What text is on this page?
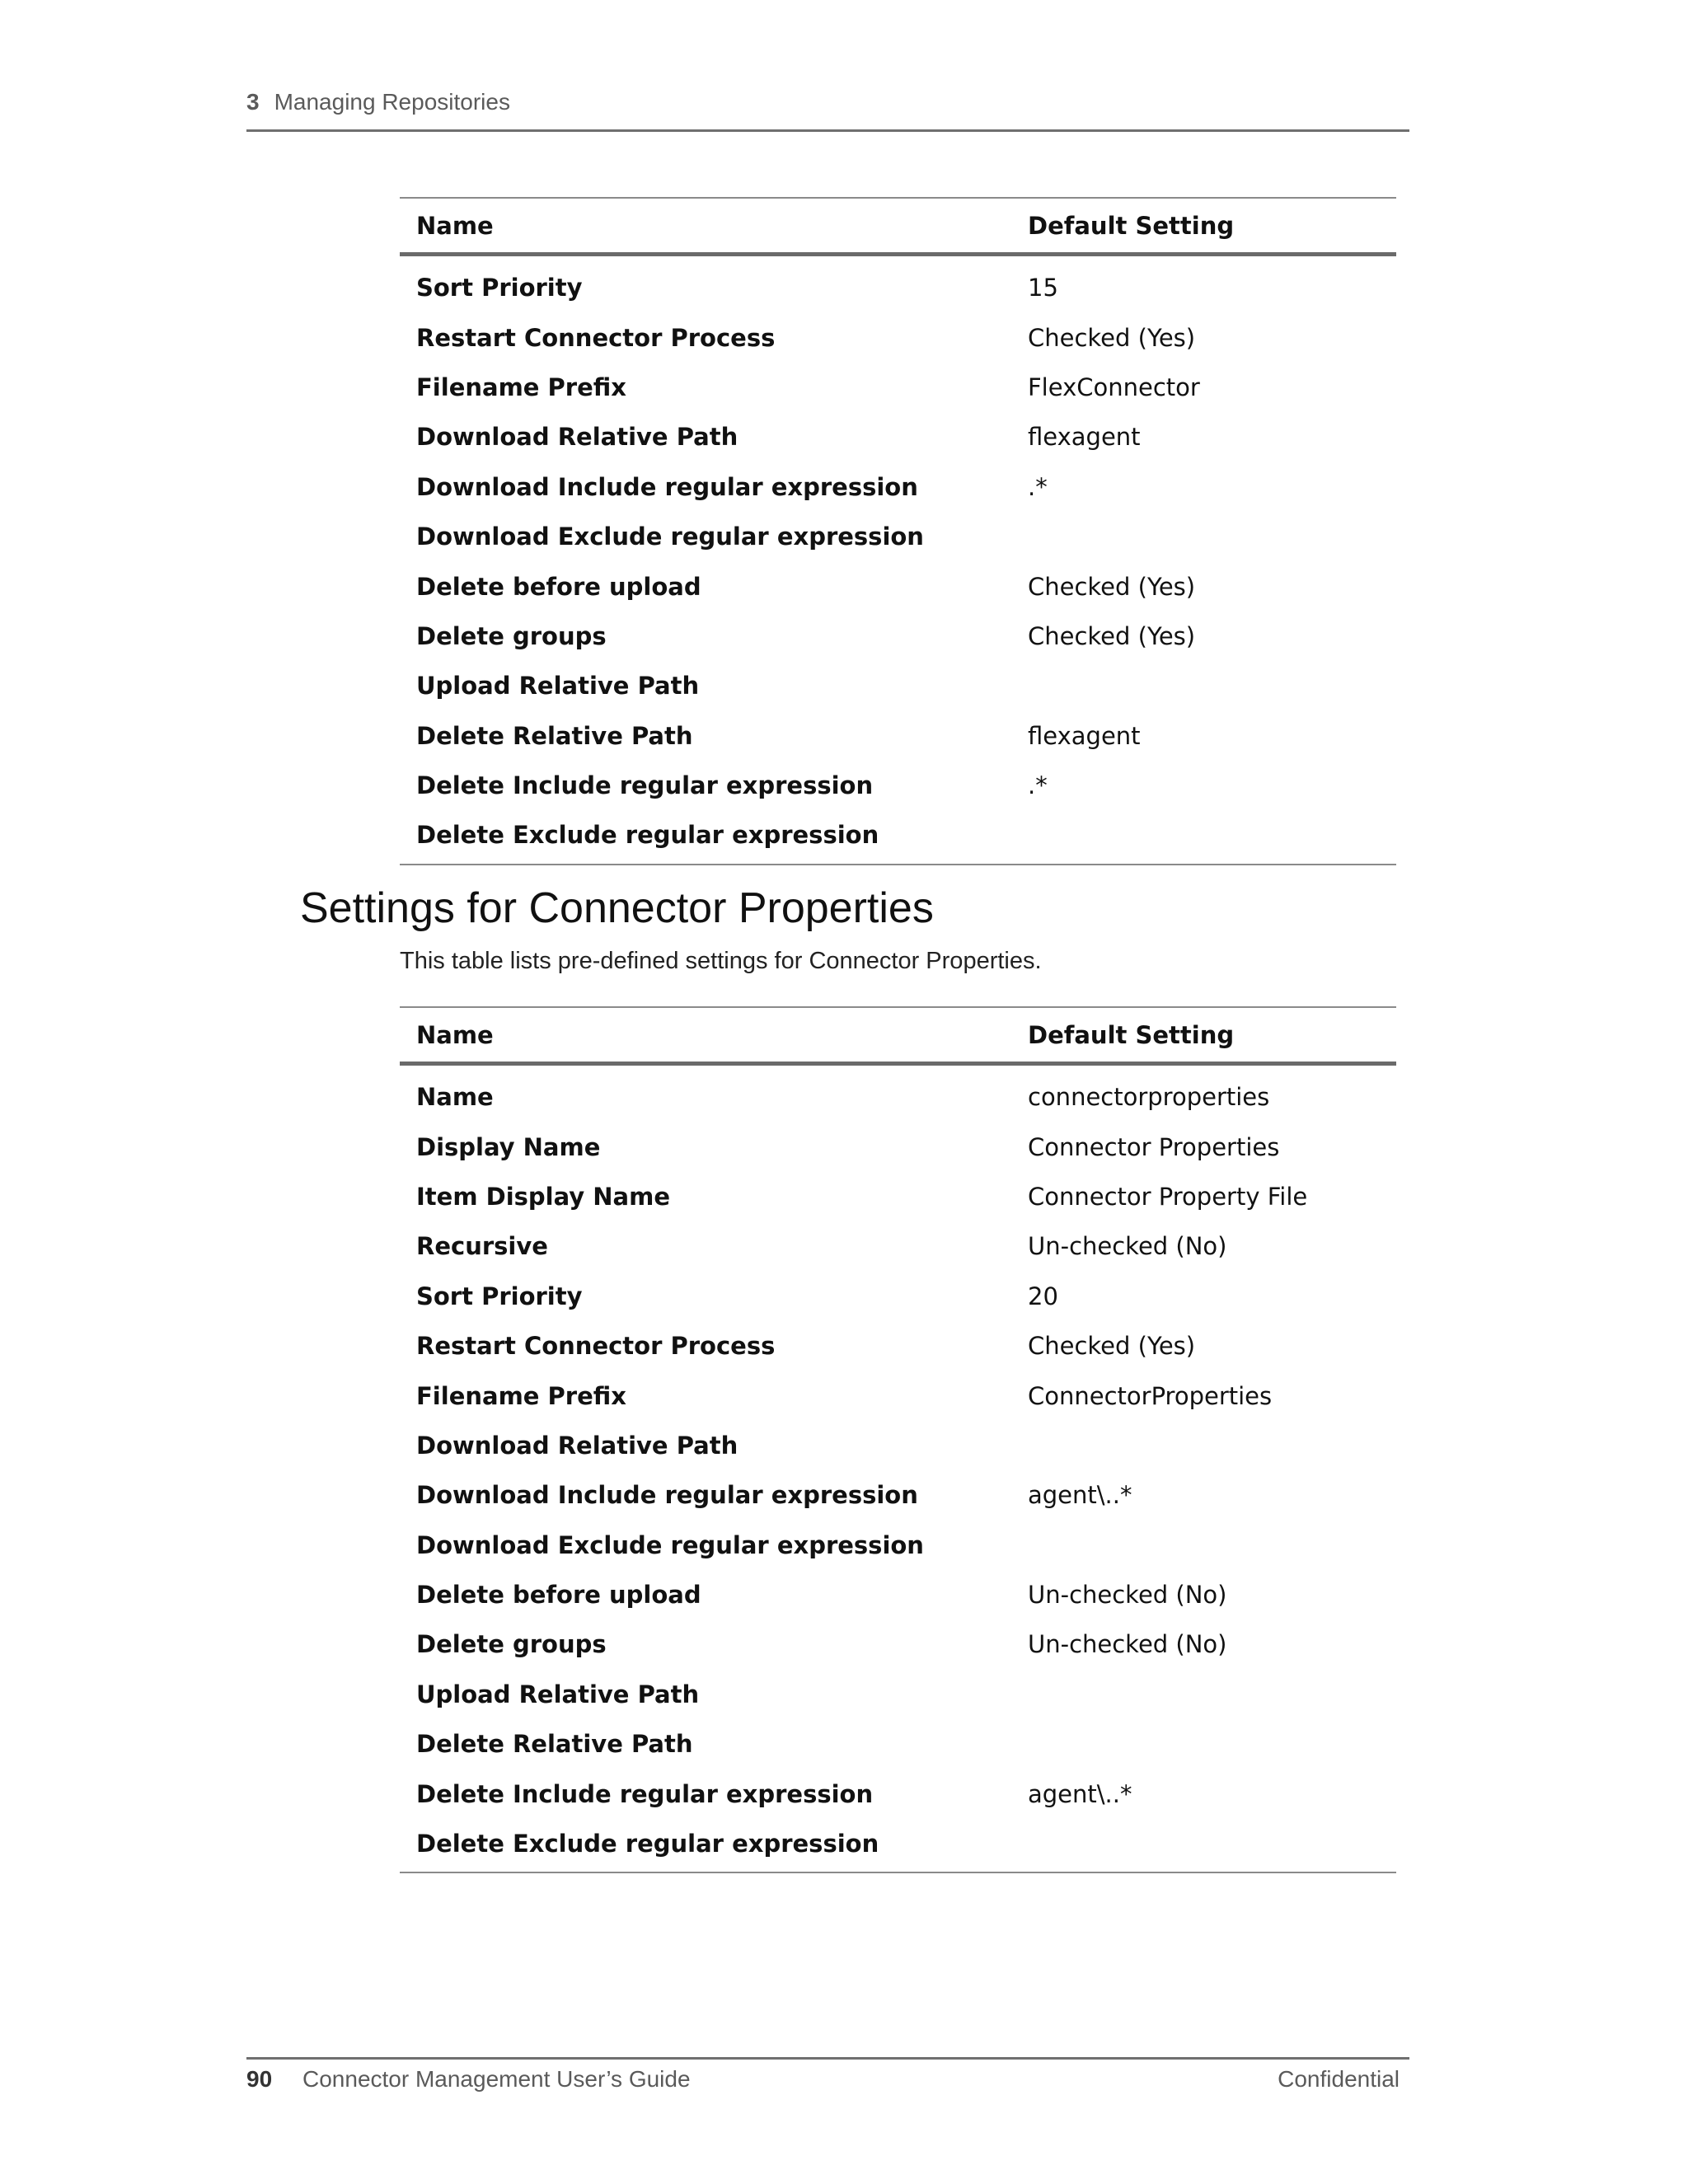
3 Managing Repositories
Name	Default Setting
Sort Priority	15
Restart Connector Process	Checked (Yes)
Filename Prefix	FlexConnector
Download Relative Path	flexagent
Download Include regular expression	.*
Download Exclude regular expression
Delete before upload	Checked (Yes)
Delete groups	Checked (Yes)
Upload Relative Path
Delete Relative Path	flexagent
Delete Include regular expression	.*
Delete Exclude regular expression
Settings for Connector Properties
This table lists pre-defined settings for Connector Properties.
Name	Default Setting
Name	connectorproperties
Display Name	Connector Properties
Item Display Name	Connector Property File
Recursive	Un-checked (No)
Sort Priority	20
Restart Connector Process	Checked (Yes)
Filename Prefix	ConnectorProperties
Download Relative Path
Download Include regular expression	agent\..*
Download Exclude regular expression
Delete before upload	Un-checked (No)
Delete groups	Un-checked (No)
Upload Relative Path
Delete Relative Path
Delete Include regular expression	agent\..*
Delete Exclude regular expression
90 Connector Management User’s Guide	Confidential
